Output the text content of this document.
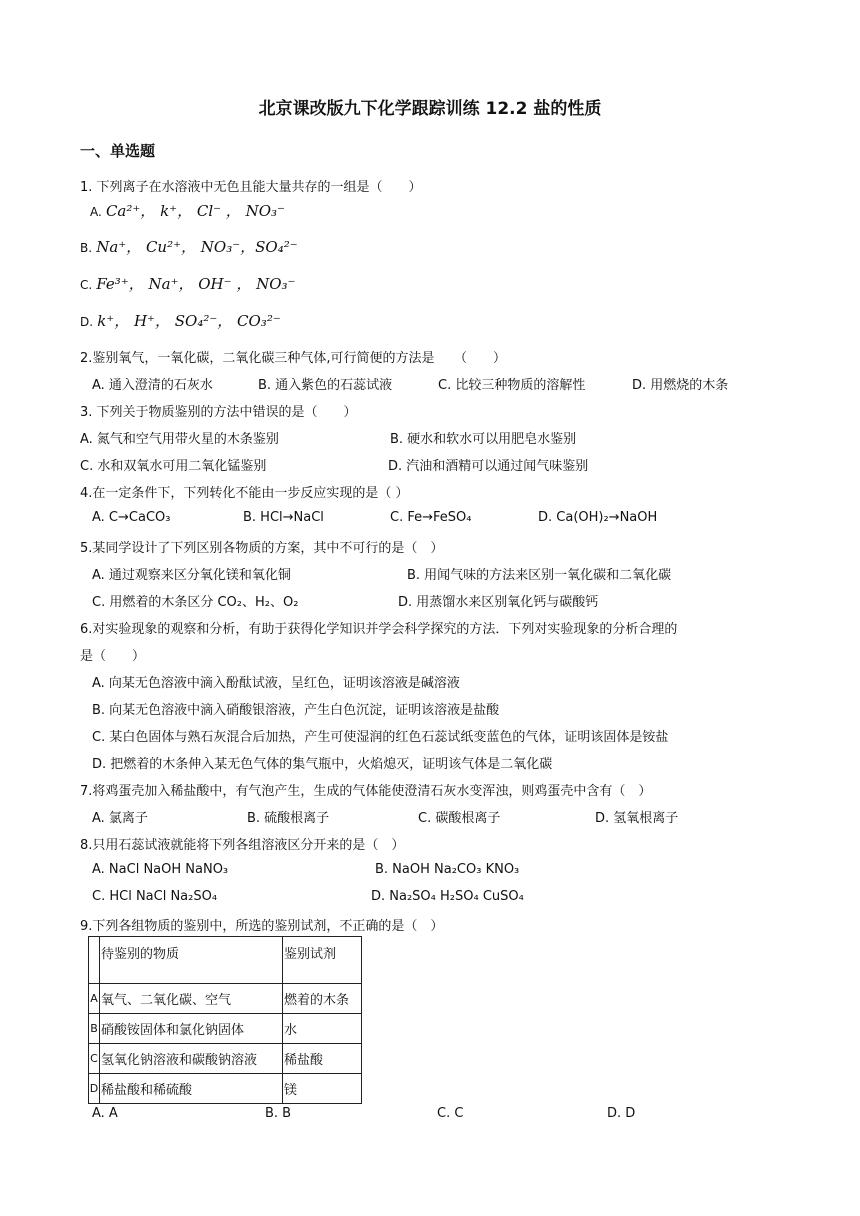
北京课改版九下化学跟踪训练 12.2 盐的性质
一、单选题
1. 下列离子在水溶液中无色且能大量共存的一组是（　　）
A. Ca²⁺， k⁺， Cl⁻ ， NO₃⁻
B. Na⁺， Cu²⁺， NO₃⁻，SO₄²⁻
C. Fe³⁺， Na⁺， OH⁻ ， NO₃⁻
D. k⁺， H⁺， SO₄²⁻， CO₃²⁻
2.鉴别氧气，一氧化碳，二氧化碳三种气体,可行简便的方法是　　（　　）
A. 通入澄清的石灰水	B. 通入紫色的石蕊试液	C. 比较三种物质的溶解性	D. 用燃烧的木条
3. 下列关于物质鉴别的方法中错误的是（　　）
A. 氮气和空气用带火星的木条鉴别	B. 硬水和软水可以用肥皂水鉴别
C. 水和双氧水可用二氧化锰鉴别	D. 汽油和酒精可以通过闻气味鉴别
4.在一定条件下，下列转化不能由一步反应实现的是（ ）
A. C→CaCO₃	B. HCl→NaCl	C. Fe→FeSO₄	D. Ca(OH)₂→NaOH
5.某同学设计了下列区别各物质的方案，其中不可行的是（　）
A. 通过观察来区分氧化镁和氧化铜	B. 用闻气味的方法来区别一氧化碳和二氧化碳
C. 用燃着的木条区分 CO₂、H₂、O₂	D. 用蒸馏水来区别氧化钙与碳酸钙
6.对实验现象的观察和分析，有助于获得化学知识并学会科学探究的方法．下列对实验现象的分析合理的
是（　　）
A. 向某无色溶液中滴入酚酞试液，呈红色，证明该溶液是碱溶液
B. 向某无色溶液中滴入硝酸银溶液，产生白色沉淀，证明该溶液是盐酸
C. 某白色固体与熟石灰混合后加热，产生可使湿润的红色石蕊试纸变蓝色的气体，证明该固体是铵盐
D. 把燃着的木条伸入某无色气体的集气瓶中，火焰熄灭，证明该气体是二氧化碳
7.将鸡蛋壳加入稀盐酸中，有气泡产生，生成的气体能使澄清石灰水变浑浊，则鸡蛋壳中含有（　）
A. 氯离子	B. 硫酸根离子	C. 碳酸根离子	D. 氢氧根离子
8.只用石蕊试液就能将下列各组溶液区分开来的是（　）
A. NaCl NaOH NaNO₃	B. NaOH Na₂CO₃ KNO₃
C. HCl NaCl Na₂SO₄	D. Na₂SO₄ H₂SO₄ CuSO₄
9.下列各组物质的鉴别中，所选的鉴别试剂，不正确的是（　）
	待鉴别的物质	鉴别试剂
A	氧气、二氧化碳、空气	燃着的木条
B	硝酸铵固体和氯化钠固体	水
C	氢氧化钠溶液和碳酸钠溶液	稀盐酸
D	稀盐酸和稀硫酸	镁
A. A	B. B	C. C	D. D
